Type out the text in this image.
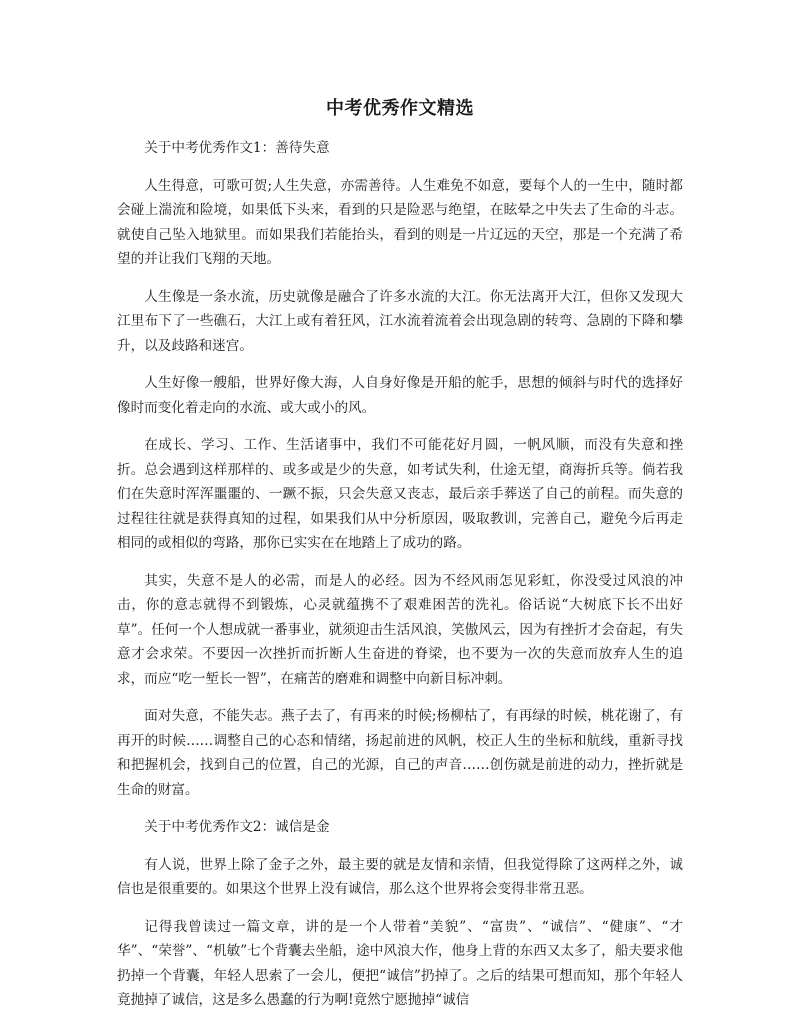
中考优秀作文精选

关于中考优秀作文1：善待失意

人生得意，可歌可贺;人生失意，亦需善待。人生难免不如意，要每个人的一生中，随时都会碰上湍流和险境，如果低下头来，看到的只是险恶与绝望，在眩晕之中失去了生命的斗志。就使自己坠入地狱里。而如果我们若能抬头，看到的则是一片辽远的天空，那是一个充满了希望的并让我们飞翔的天地。

人生像是一条水流，历史就像是融合了许多水流的大江。你无法离开大江，但你又发现大江里布下了一些礁石，大江上或有着狂风，江水流着流着会出现急剧的转弯、急剧的下降和攀升，以及歧路和迷宫。

人生好像一艘船，世界好像大海，人自身好像是开船的舵手，思想的倾斜与时代的选择好像时而变化着走向的水流、或大或小的风。

在成长、学习、工作、生活诸事中，我们不可能花好月圆，一帆风顺，而没有失意和挫折。总会遇到这样那样的、或多或是少的失意，如考试失利，仕途无望，商海折兵等。倘若我们在失意时浑浑噩噩的、一蹶不振，只会失意又丧志，最后亲手葬送了自己的前程。而失意的过程往往就是获得真知的过程，如果我们从中分析原因，吸取教训，完善自己，避免今后再走相同的或相似的弯路，那你已实实在在地踏上了成功的路。

其实，失意不是人的必需，而是人的必经。因为不经风雨怎见彩虹，你没受过风浪的冲击，你的意志就得不到锻炼，心灵就蕴携不了艰难困苦的洗礼。俗话说“大树底下长不出好草”。任何一个人想成就一番事业，就须迎击生活风浪，笑傲风云，因为有挫折才会奋起，有失意才会求荣。不要因一次挫折而折断人生奋进的脊梁，也不要为一次的失意而放弃人生的追求，而应“吃一堑长一智”，在痛苦的磨难和调整中向新目标冲刺。

面对失意，不能失志。燕子去了，有再来的时候;杨柳枯了，有再绿的时候，桃花谢了，有再开的时候……调整自己的心态和情绪，扬起前进的风帆，校正人生的坐标和航线，重新寻找和把握机会，找到自己的位置，自己的光源，自己的声音……创伤就是前进的动力，挫折就是生命的财富。

关于中考优秀作文2：诚信是金

有人说，世界上除了金子之外，最主要的就是友情和亲情，但我觉得除了这两样之外，诚信也是很重要的。如果这个世界上没有诚信，那么这个世界将会变得非常丑恶。

记得我曾读过一篇文章，讲的是一个人带着“美貌”、“富贵”、“诚信”、“健康”、“才华”、“荣誉”、“机敏”七个背囊去坐船，途中风浪大作，他身上背的东西又太多了，船夫要求他扔掉一个背囊，年轻人思索了一会儿，便把“诚信”扔掉了。之后的结果可想而知，那个年轻人竟抛掉了诚信，这是多么愚蠢的行为啊!竟然宁愿抛掉“诚信
